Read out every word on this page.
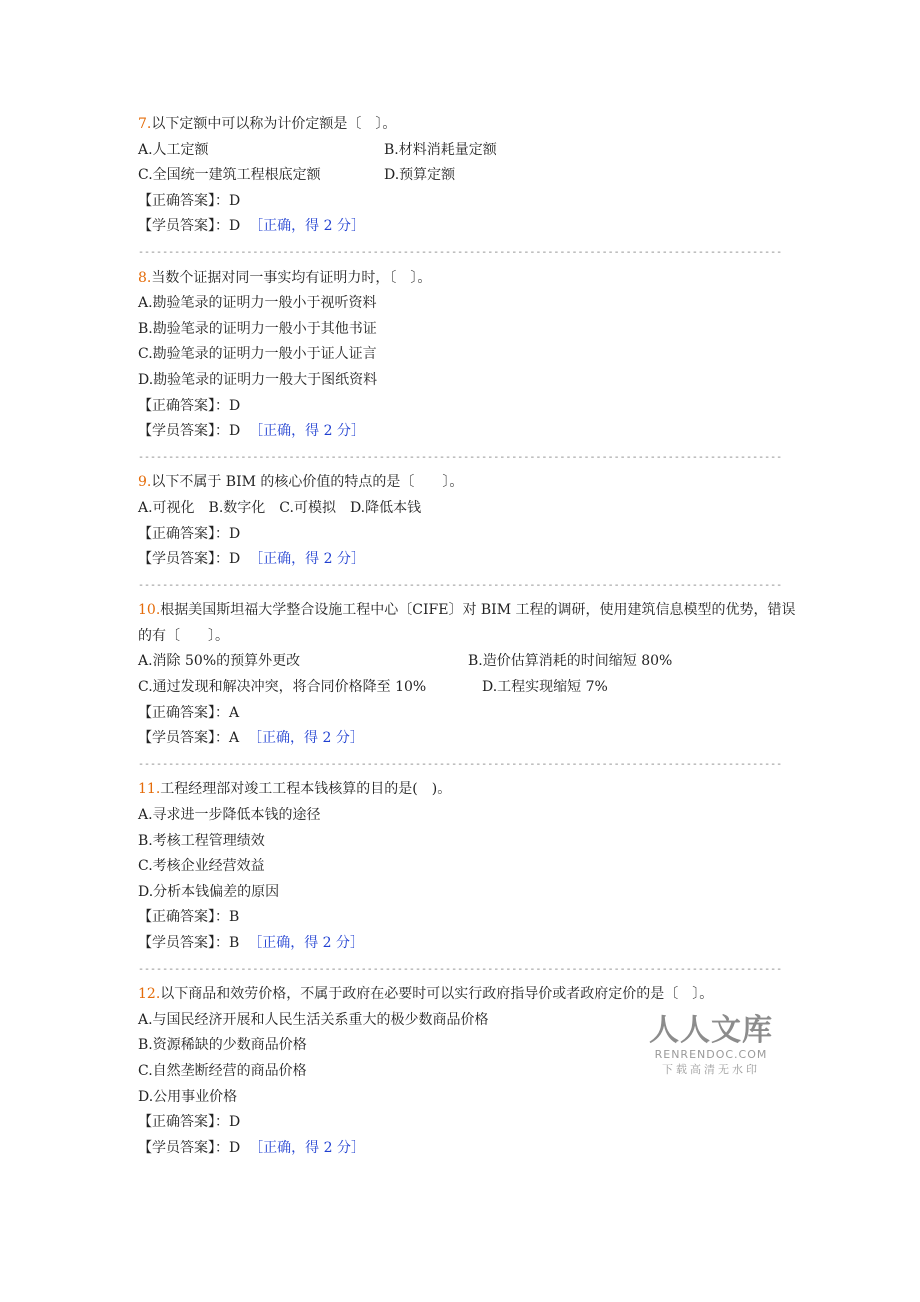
7.以下定额中可以称为计价定额是〔　〕。
A.人工定额	B.材料消耗量定额
C.全国统一建筑工程根底定额	D.预算定额
【正确答案】：D
【学员答案】：D ［正确，得 2 分］
-----------------------------------------------------------------------------------------------------------
8.当数个证据对同一事实均有证明力时，〔　〕。
A.勘验笔录的证明力一般小于视听资料
B.勘验笔录的证明力一般小于其他书证
C.勘验笔录的证明力一般小于证人证言
D.勘验笔录的证明力一般大于图纸资料
【正确答案】：D
【学员答案】：D ［正确，得 2 分］
-----------------------------------------------------------------------------------------------------------
9.以下不属于 BIM 的核心价值的特点的是〔　　〕。
A.可视化　B.数字化　C.可模拟　D.降低本钱
【正确答案】：D
【学员答案】：D ［正确，得 2 分］
-----------------------------------------------------------------------------------------------------------
10.根据美国斯坦福大学整合设施工程中心〔CIFE〕对 BIM 工程的调研，使用建筑信息模型的优势，错误的有〔　　〕。
A.消除 50%的预算外更改	B.造价估算消耗的时间缩短 80%
C.通过发现和解决冲突，将合同价格降至 10%	D.工程实现缩短 7%
【正确答案】：A
【学员答案】：A ［正确，得 2 分］
-----------------------------------------------------------------------------------------------------------
11.工程经理部对竣工工程本钱核算的目的是(　)。
A.寻求进一步降低本钱的途径
B.考核工程管理绩效
C.考核企业经营效益
D.分析本钱偏差的原因
【正确答案】：B
【学员答案】：B ［正确，得 2 分］
-----------------------------------------------------------------------------------------------------------
12.以下商品和效劳价格，不属于政府在必要时可以实行政府指导价或者政府定价的是〔　〕。
A.与国民经济开展和人民生活关系重大的极少数商品价格
B.资源稀缺的少数商品价格
C.自然垄断经营的商品价格
D.公用事业价格
【正确答案】：D
【学员答案】：D ［正确，得 2 分］
人人文库
RENRENDOC.COM
下载高清无水印
